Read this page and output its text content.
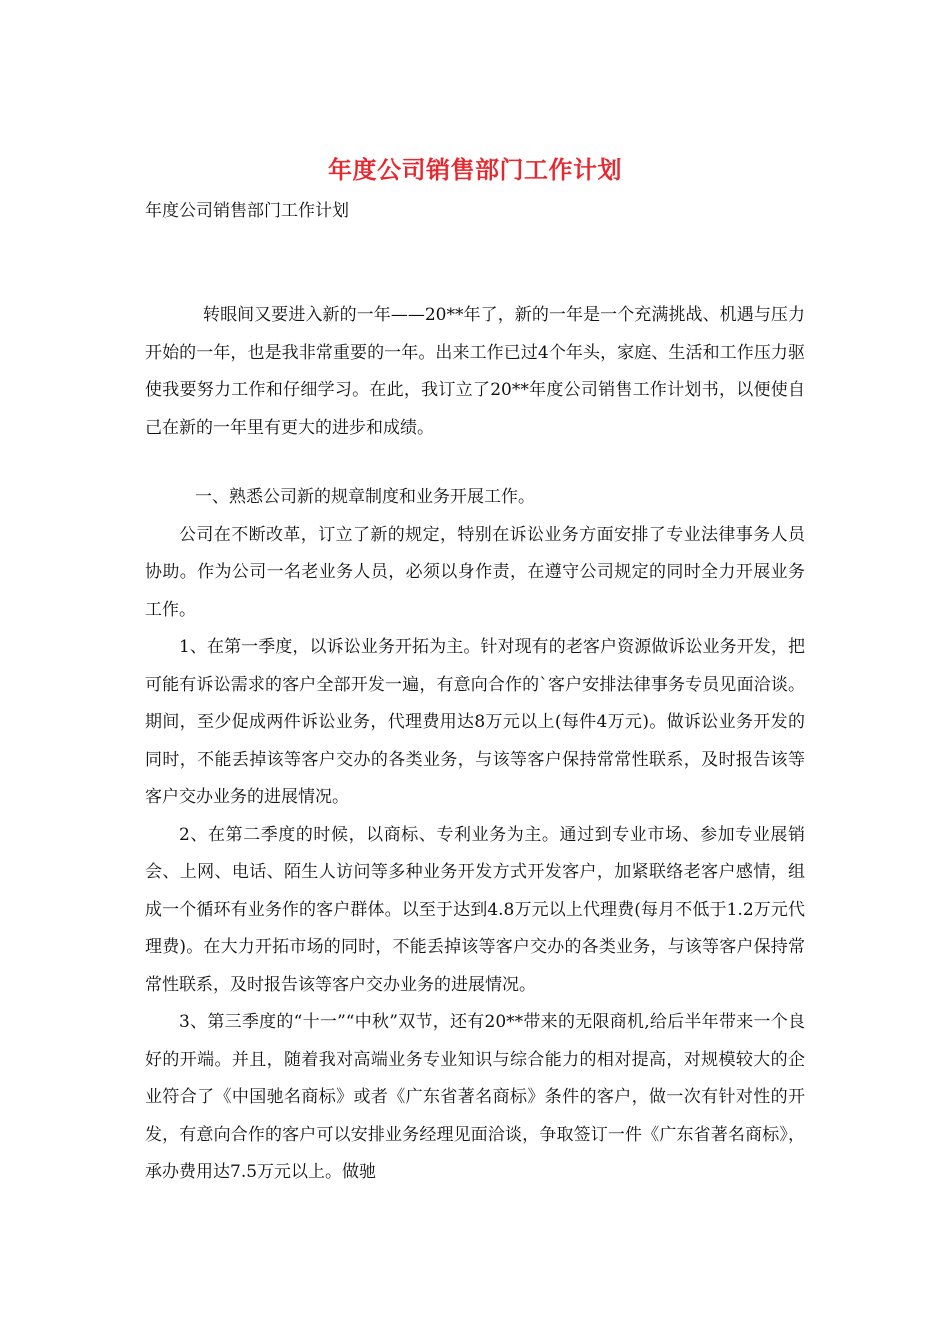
年度公司销售部门工作计划
年度公司销售部门工作计划

转眼间又要进入新的一年——20**年了，新的一年是一个充满挑战、机遇与压力开始的一年，也是我非常重要的一年。出来工作已过4个年头，家庭、生活和工作压力驱使我要努力工作和仔细学习。在此，我订立了20**年度公司销售工作计划书，以便使自己在新的一年里有更大的进步和成绩。

一、熟悉公司新的规章制度和业务开展工作。

公司在不断改革，订立了新的规定，特别在诉讼业务方面安排了专业法律事务人员协助。作为公司一名老业务人员，必须以身作责，在遵守公司规定的同时全力开展业务工作。

1、在第一季度，以诉讼业务开拓为主。针对现有的老客户资源做诉讼业务开发，把可能有诉讼需求的客户全部开发一遍，有意向合作的`客户安排法律事务专员见面洽谈。期间，至少促成两件诉讼业务，代理费用达8万元以上(每件4万元)。做诉讼业务开发的同时，不能丢掉该等客户交办的各类业务，与该等客户保持常常性联系，及时报告该等客户交办业务的进展情况。

2、在第二季度的时候，以商标、专利业务为主。通过到专业市场、参加专业展销会、上网、电话、陌生人访问等多种业务开发方式开发客户，加紧联络老客户感情，组成一个循环有业务作的客户群体。以至于达到4.8万元以上代理费(每月不低于1.2万元代理费)。在大力开拓市场的同时，不能丢掉该等客户交办的各类业务，与该等客户保持常常性联系，及时报告该等客户交办业务的进展情况。

3、第三季度的“十一”“中秋”双节，还有20**带来的无限商机,给后半年带来一个良好的开端。并且，随着我对高端业务专业知识与综合能力的相对提高，对规模较大的企业符合了《中国驰名商标》或者《广东省著名商标》条件的客户，做一次有针对性的开发，有意向合作的客户可以安排业务经理见面洽谈，争取签订一件《广东省著名商标》，承办费用达7.5万元以上。做驰
